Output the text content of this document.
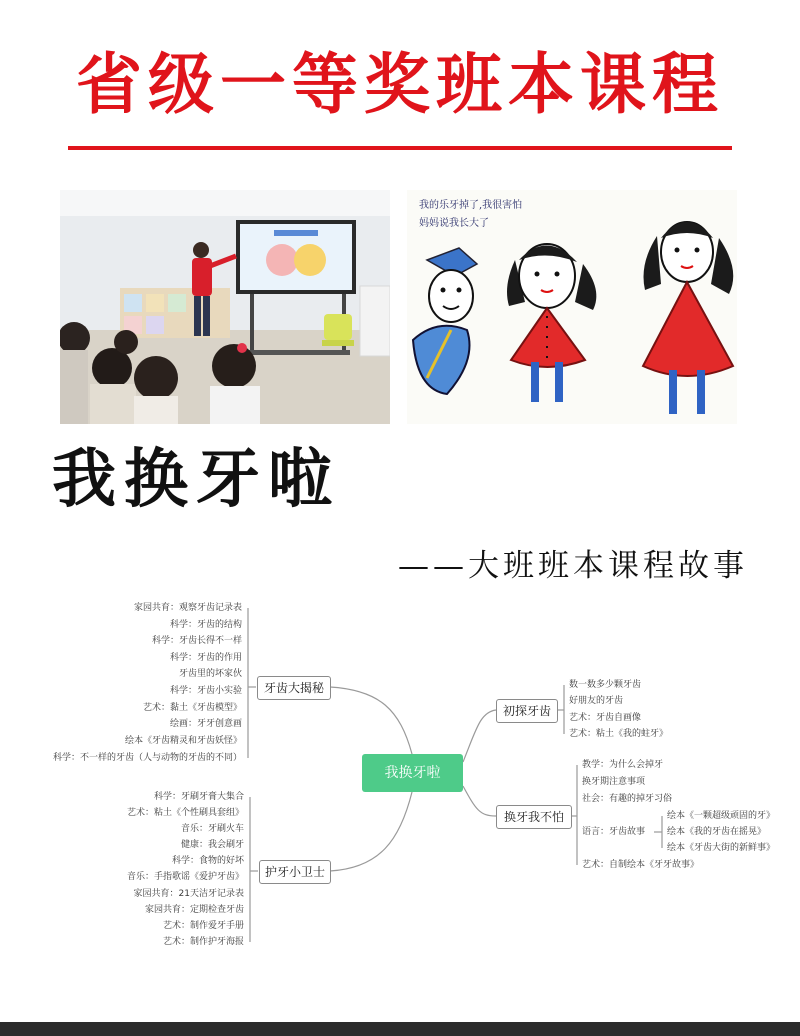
省级一等奖班本课程
我的乐牙掉了,我很害怕
妈妈说我长大了
我换牙啦
——大班班本课程故事
家园共育：观察牙齿记录表
科学：牙齿的结构
科学：牙齿长得不一样
科学：牙齿的作用
牙齿里的坏家伙
科学：牙齿小实验
艺术：黏土《牙齿模型》
绘画：牙牙创意画
绘本《牙齿精灵和牙齿妖怪》
科学：不一样的牙齿（人与动物的牙齿的不同）
牙齿大揭秘
科学：牙刷牙膏大集合
艺术：粘土《个性刷具套组》
音乐：牙刷火车
健康：我会刷牙
科学：食物的好坏
音乐：手指歌谣《爱护牙齿》
家园共育：21天洁牙记录表
家园共育：定期检查牙齿
艺术：制作爱牙手册
艺术：制作护牙海报
护牙小卫士
我换牙啦
初探牙齿
数一数多少颗牙齿
好朋友的牙齿
艺术：牙齿自画像
艺术：粘土《我的蛀牙》
换牙我不怕
教学：为什么会掉牙
换牙期注意事项
社会：有趣的掉牙习俗
语言：牙齿故事
艺术：自制绘本《牙牙故事》
绘本《一颗超级顽固的牙》
绘本《我的牙齿在摇晃》
绘本《牙齿大街的新鲜事》
